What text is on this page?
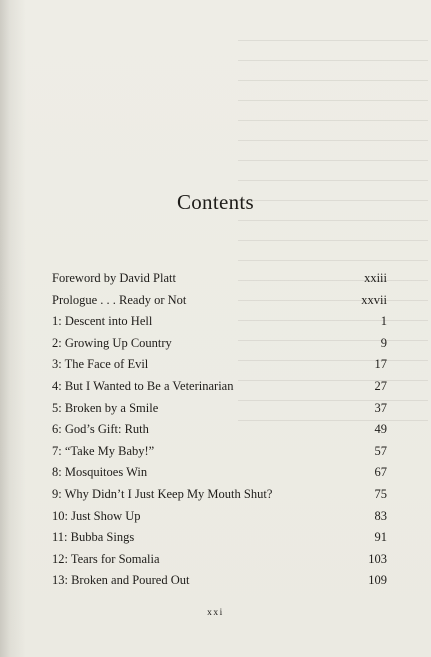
Contents
Foreword by David Platt	xxiii
Prologue . . . Ready or Not	xxvii
1: Descent into Hell	1
2: Growing Up Country	9
3: The Face of Evil	17
4: But I Wanted to Be a Veterinarian	27
5: Broken by a Smile	37
6: God’s Gift: Ruth	49
7: “Take My Baby!”	57
8: Mosquitoes Win	67
9: Why Didn’t I Just Keep My Mouth Shut?	75
10: Just Show Up	83
11: Bubba Sings	91
12: Tears for Somalia	103
13: Broken and Poured Out	109
xxi
